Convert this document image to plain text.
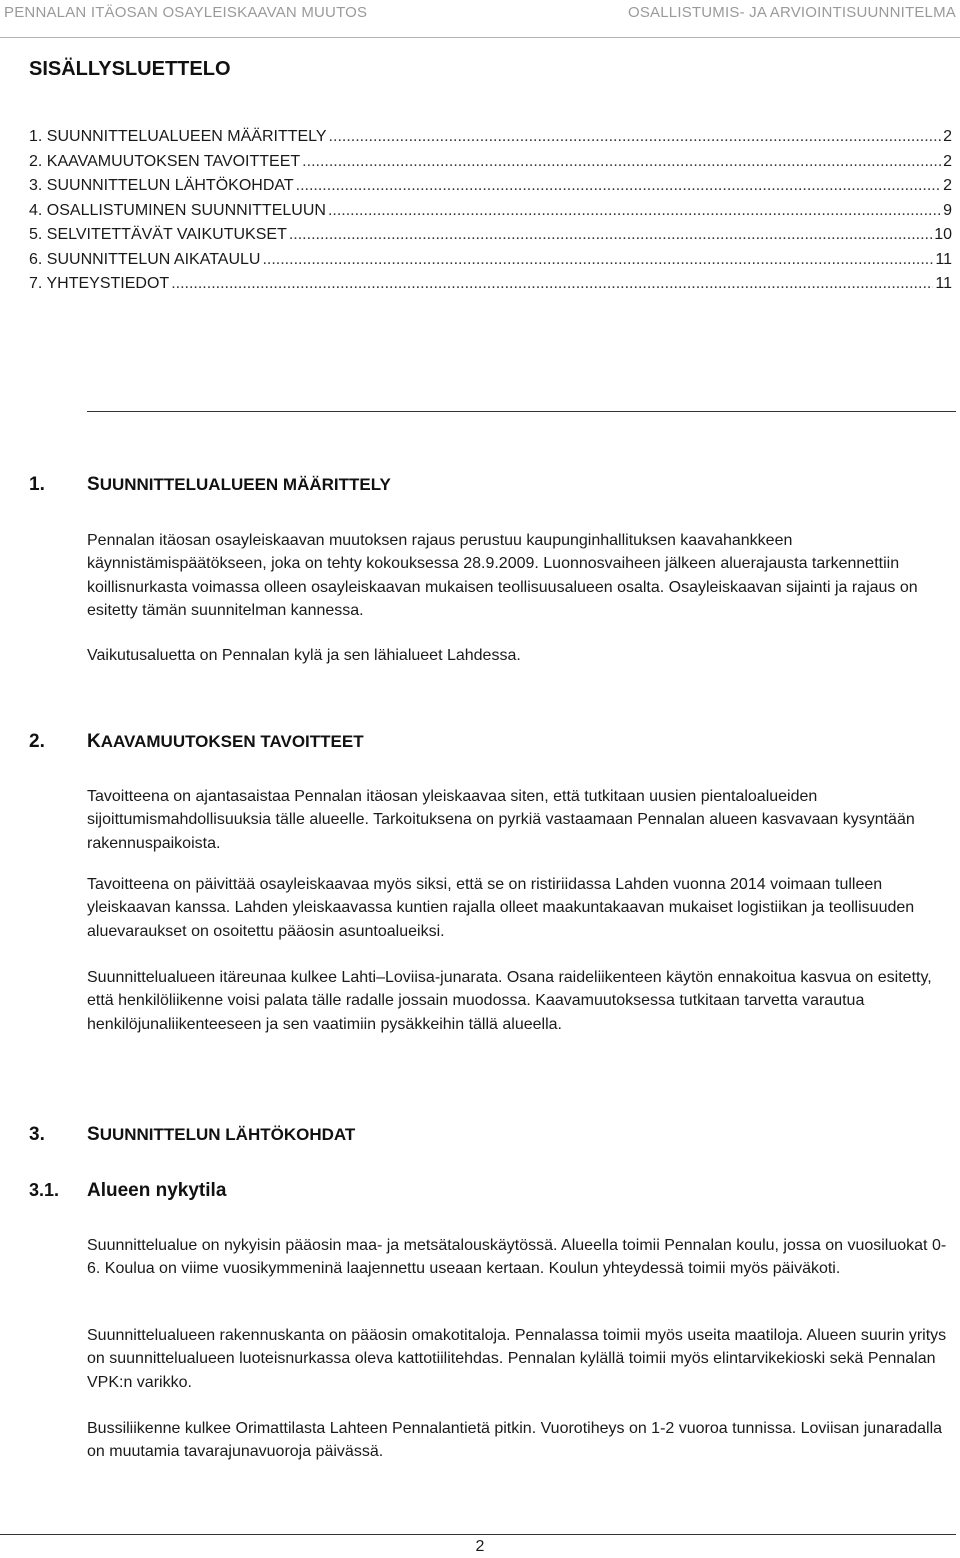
PENNALAN ITÄOSAN OSAYLEISKAAVAN MUUTOS	OSALLISTUMIS- JA ARVIOINTISUUNNITELMA
SISÄLLYSLUETTELO
1. SUUNNITTELUALUEEN MÄÄRITTELY .....	2
2. KAAVAMUUTOKSEN TAVOITTEET .....	2
3. SUUNNITTELUN LÄHTÖKOHDAT .....	2
4. OSALLISTUMINEN SUUNNITTELUUN .....	9
5. SELVITETTÄVÄT VAIKUTUKSET .....	10
6. SUUNNITTELUN AIKATAULU .....	11
7. YHTEYSTIEDOT .....	11
1.	SUUNNITTELUALUEEN MÄÄRITTELY

Pennalan itäosan osayleiskaavan muutoksen rajaus perustuu kaupunginhallituksen kaavahankkeen käynnistämispäätökseen, joka on tehty kokouksessa 28.9.2009. Luonnosvaiheen jälkeen aluerajausta tarkennettiin koillisnurkasta voimassa olleen osayleiskaavan mukaisen teollisuusalueen osalta. Osayleiskaavan sijainti ja rajaus on esitetty tämän suunnitelman kannessa.

Vaikutusaluetta on Pennalan kylä ja sen lähialueet Lahdessa.

2.	KAAVAMUUTOKSEN TAVOITTEET

Tavoitteena on ajantasaistaa Pennalan itäosan yleiskaavaa siten, että tutkitaan uusien pientaloalueiden sijoittumismahdollisuuksia tälle alueelle. Tarkoituksena on pyrkiä vastaamaan Pennalan alueen kasvavaan kysyntään rakennuspaikoista.

Tavoitteena on päivittää osayleiskaavaa myös siksi, että se on ristiriidassa Lahden vuonna 2014 voimaan tulleen yleiskaavan kanssa. Lahden yleiskaavassa kuntien rajalla olleet maakuntakaavan mukaiset logistiikan ja teollisuuden aluevaraukset on osoitettu pääosin asuntoalueiksi.

Suunnittelualueen itäreunaa kulkee Lahti–Loviisa-junarata. Osana raideliikenteen käytön ennakoitua kasvua on esitetty, että henkilöliikenne voisi palata tälle radalle jossain muodossa. Kaavamuutoksessa tutkitaan tarvetta varautua henkilöjunaliikenteeseen ja sen vaatimiin pysäkkeihin tällä alueella.

3.	SUUNNITTELUN LÄHTÖKOHDAT
3.1.	Alueen nykytila

Suunnittelualue on nykyisin pääosin maa- ja metsätalouskäytössä. Alueella toimii Pennalan koulu, jossa on vuosiluokat 0-6. Koulua on viime vuosikymmeninä laajennettu useaan kertaan. Koulun yhteydessä toimii myös päiväkoti.

Suunnittelualueen rakennuskanta on pääosin omakotitaloja. Pennalassa toimii myös useita maatiloja. Alueen suurin yritys on suunnittelualueen luoteisnurkassa oleva kattotiilitehdas. Pennalan kylällä toimii myös elintarvikekioski sekä Pennalan VPK:n varikko.

Bussiliikenne kulkee Orimattilasta Lahteen Pennalantietä pitkin. Vuorotiheys on 1-2 vuoroa tunnissa. Loviisan junaradalla on muutamia tavarajunavuoroja päivässä.

2
